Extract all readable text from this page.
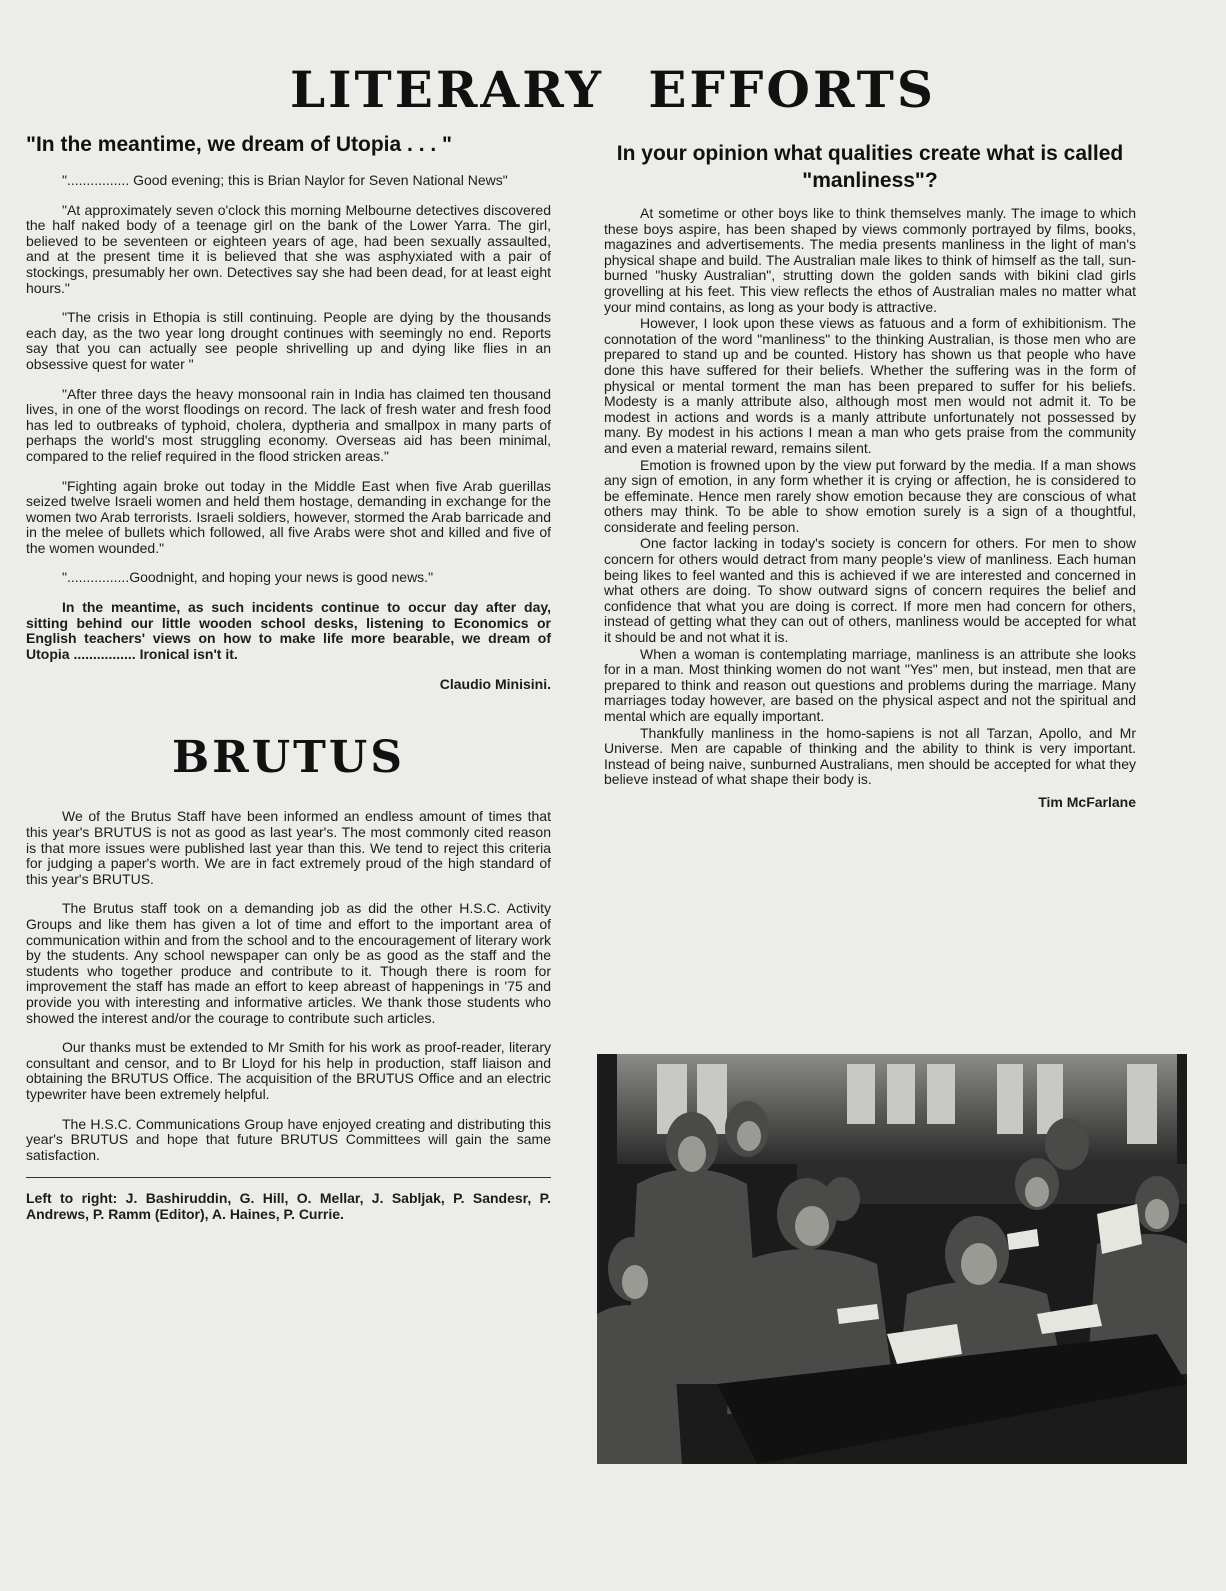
LITERARY EFFORTS
"In the meantime, we dream of Utopia . . . "

"................ Good evening; this is Brian Naylor for Seven National News"

"At approximately seven o'clock this morning Melbourne detectives discovered the half naked body of a teenage girl on the bank of the Lower Yarra. The girl, believed to be seventeen or eighteen years of age, had been sexually assaulted, and at the present time it is believed that she was asphyxiated with a pair of stockings, presumably her own. Detectives say she had been dead, for at least eight hours."

"The crisis in Ethopia is still continuing. People are dying by the thousands each day, as the two year long drought continues with seemingly no end. Reports say that you can actually see people shrivelling up and dying like flies in an obsessive quest for water "

"After three days the heavy monsoonal rain in India has claimed ten thousand lives, in one of the worst floodings on record. The lack of fresh water and fresh food has led to outbreaks of typhoid, cholera, dyptheria and smallpox in many parts of perhaps the world's most struggling economy. Overseas aid has been minimal, compared to the relief required in the flood stricken areas."

"Fighting again broke out today in the Middle East when five Arab guerillas seized twelve Israeli women and held them hostage, demanding in exchange for the women two Arab terrorists. Israeli soldiers, however, stormed the Arab barricade and in the melee of bullets which followed, all five Arabs were shot and killed and five of the women wounded."

"................Goodnight, and hoping your news is good news."

In the meantime, as such incidents continue to occur day after day, sitting behind our little wooden school desks, listening to Economics or English teachers' views on how to make life more bearable, we dream of Utopia ................ Ironical isn't it.

Claudio Minisini.
BRUTUS

We of the Brutus Staff have been informed an endless amount of times that this year's BRUTUS is not as good as last year's. The most commonly cited reason is that more issues were published last year than this. We tend to reject this criteria for judging a paper's worth. We are in fact extremely proud of the high standard of this year's BRUTUS.

The Brutus staff took on a demanding job as did the other H.S.C. Activity Groups and like them has given a lot of time and effort to the important area of communication within and from the school and to the encouragement of literary work by the students. Any school newspaper can only be as good as the staff and the students who together produce and contribute to it. Though there is room for improvement the staff has made an effort to keep abreast of happenings in '75 and provide you with interesting and informative articles. We thank those students who showed the interest and/or the courage to contribute such articles.

Our thanks must be extended to Mr Smith for his work as proof-reader, literary consultant and censor, and to Br Lloyd for his help in production, staff liaison and obtaining the BRUTUS Office. The acquisition of the BRUTUS Office and an electric typewriter have been extremely helpful.

The H.S.C. Communications Group have enjoyed creating and distributing this year's BRUTUS and hope that future BRUTUS Committees will gain the same satisfaction.

Left to right: J. Bashiruddin, G. Hill, O. Mellar, J. Sabljak, P. Sandesr, P. Andrews, P. Ramm (Editor), A. Haines, P. Currie.

In your opinion what qualities create what is called "manliness"?

At sometime or other boys like to think themselves manly. The image to which these boys aspire, has been shaped by views commonly portrayed by films, books, magazines and advertisements. The media presents manliness in the light of man's physical shape and build. The Australian male likes to think of himself as the tall, sun-burned "husky Australian", strutting down the golden sands with bikini clad girls grovelling at his feet. This view reflects the ethos of Australian males no matter what your mind contains, as long as your body is attractive.

However, I look upon these views as fatuous and a form of exhibitionism. The connotation of the word "manliness" to the thinking Australian, is those men who are prepared to stand up and be counted. History has shown us that people who have done this have suffered for their beliefs. Whether the suffering was in the form of physical or mental torment the man has been prepared to suffer for his beliefs. Modesty is a manly attribute also, although most men would not admit it. To be modest in actions and words is a manly attribute unfortunately not possessed by many. By modest in his actions I mean a man who gets praise from the community and even a material reward, remains silent.

Emotion is frowned upon by the view put forward by the media. If a man shows any sign of emotion, in any form whether it is crying or affection, he is considered to be effeminate. Hence men rarely show emotion because they are conscious of what others may think. To be able to show emotion surely is a sign of a thoughtful, considerate and feeling person.

One factor lacking in today's society is concern for others. For men to show concern for others would detract from many people's view of manliness. Each human being likes to feel wanted and this is achieved if we are interested and concerned in what others are doing. To show outward signs of concern requires the belief and confidence that what you are doing is correct. If more men had concern for others, instead of getting what they can out of others, manliness would be accepted for what it should be and not what it is.

When a woman is contemplating marriage, manliness is an attribute she looks for in a man. Most thinking women do not want "Yes" men, but instead, men that are prepared to think and reason out questions and problems during the marriage. Many marriages today however, are based on the physical aspect and not the spiritual and mental which are equally important.

Thankfully manliness in the homo-sapiens is not all Tarzan, Apollo, and Mr Universe. Men are capable of thinking and the ability to think is very important. Instead of being naive, sunburned Australians, men should be accepted for what they believe instead of what shape their body is.

Tim McFarlane
